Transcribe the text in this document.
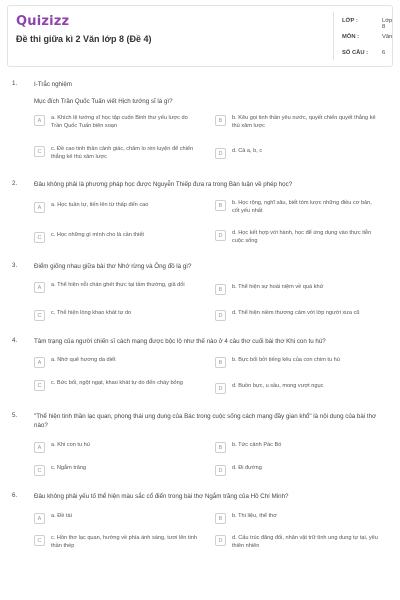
Quizizz
Đề thi giữa kì 2 Văn lớp 8 (Đề 4)
LỚP :	Lớp 8
MÔN :	Văn
SỐ CÂU : 6
1.	I-Trắc nghiệm
Mục đích Trần Quốc Tuấn viết Hịch tướng sĩ là gì?
A	a. Khích lệ tướng sĩ học tập cuốn Binh thư yếu lược do Trần Quốc Tuấn biên soạn
B	b. Kêu gọi tinh thần yêu nước, quyết chiến quyết thắng kẻ thù xâm lược
C	c. Đề cao tinh thần cảnh giác, chăm lo rèn luyện để chiến thắng kẻ thù xâm lược	D	d. Cả a, b, c
2.	Đâu không phải là phương pháp học được Nguyễn Thiếp đưa ra trong Bàn luận về phép học?
A	a. Học tuần tự, tiến lên từ thấp đến cao	B	b. Học rộng, nghĩ sâu, biết tóm lược những điều cơ bản, cốt yếu nhất
C	c. Học những gì mình cho là cần thiết	D	d. Học kết hợp với hành, học để ứng dụng vào thực tiễn cuộc sống
3.	Điểm giống nhau giữa bài thơ Nhớ rừng và Ông đồ là gì?
A	a. Thể hiện nỗi chán ghét thực tại tầm thường, giả dối
B	b. Thể hiện sự hoài niệm về quá khứ
C	c. Thể hiện lòng khao khát tự do	D	d. Thể hiện niềm thương cảm với lớp người xưa cũ
4.	Tâm trạng của người chiến sĩ cách mạng được bộc lộ như thế nào ở 4 câu thơ cuối bài thơ Khi con tu hú?
A	a. Nhớ quê hương da diết	B	b. Bực bối bởi tiếng kêu của con chim tu hú
C	c. Bức bối, ngột ngạt, khao khát tự do đến cháy bỏng
D	d. Buồn bực, u sầu, mong vượt ngục
5.	"Thể hiện tinh thần lạc quan, phong thái ung dung của Bác trong cuộc sống cách mạng đầy gian khổ" là nội dung của bài thơ nào?
A	a. Khi con tu hú	B	b. Tức cảnh Pác Bó
C	c. Ngắm trăng	D	d. Đi đường
6.	Đâu không phải yếu tố thể hiện màu sắc cổ điển trong bài thơ Ngắm trăng của Hồ Chí Minh?
A	a. Đề tài	B	b. Thi liệu, thể thơ
C	c. Hồn thơ lạc quan, hướng về phía ánh sáng, tươi lên tinh thần thép
D	d. Cấu trúc đăng đối, nhân vật trữ tình ung dung tự tại, yêu thiên nhiên
